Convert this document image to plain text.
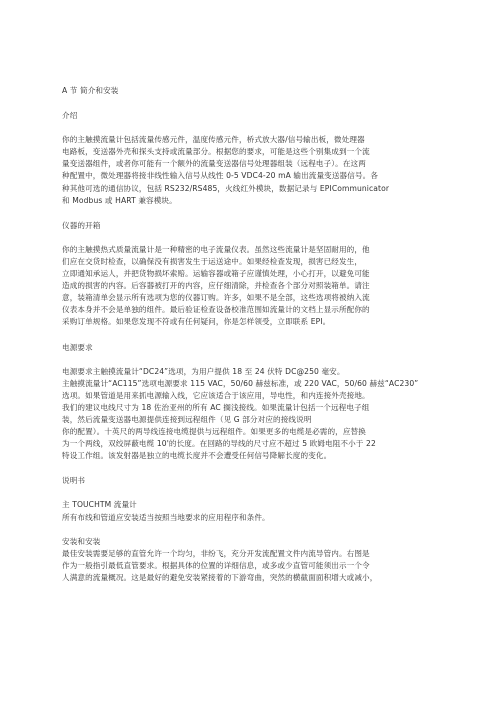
A 节 简介和安装

介绍

你的主触摸流量计包括流量传感元件，温度传感元件，桥式放大器/信号输出板，微处理器
电路板，变送器外壳和探头支持或流量部分。根据您的要求，可能是这些个别集成到一个流
量变送器组件，或者你可能有一个额外的流量变送器信号处理器组装（远程电子）。在这两
种配置中，微处理器将接非线性输入信号从线性 0-5 VDC4-20 mA 输出流量变送器信号。各
种其他可选的通信协议，包括 RS232/RS485，火线红外模块，数据记录与 EPICommunicator
和 Modbus 或 HART 兼容模块。

仪器的开箱

你的主触摸热式质量流量计是一种精密的电子流量仪表。虽然这些流量计是坚固耐用的，他
们应在交货时检查，以确保没有损害发生于运送途中。如果经检查发现，损害已经发生，
立即通知承运人，并把货物损坏索赔。运输容器或箱子应谨慎处理，小心打开，以避免可能
造成的损害的内容。后容器被打开的内容，应仔细清除，并检查各个部分对照装箱单。请注
意，装箱清单会显示所有选项为您的仪器订购。许多，如果不是全部，这些选项将被纳入流
仪表本身并不会是单独的组件。最后验证检查设备校准范围如流量计的文档上显示所配你的
采购订单规格。如果您发现不符或有任何疑问，你是怎样领受，立即联系 EPI。

电源要求

电源要求主触摸流量计“DC24”选项，为用户提供 18 至 24 伏特 DC@250 毫安。
主触摸流量计“AC115”选项电源要求 115 VAC，50/60 赫兹标准，或 220 VAC，50/60 赫兹“AC230”
选项。如果管道是用来抓电源输入线，它应该适合于该应用，导电性，和内连接外壳接地。
我们的建议电线尺寸为 18 佐治亚州的所有 AC 搁浅接线。如果流量计包括一个远程电子组
装，然后流量变送器电源提供连接到远程组件（见 G 部分对应的接线说明
你的配置）。十英尺的两导线连接电缆提供与远程组件。如果更多的电缆是必需的，应替换
为一个两线，双绞屏蔽电缆 10'的长度。在回路的导线的尺寸应不超过 5 欧姆电阻不小于 22
特设工作组。该发射器是独立的电缆长度并不会遭受任何信号降解长度的变化。

说明书

主 TOUCHTM 流量计
所有布线和管道应安装适当按照当地要求的应用程序和条件。

安装和安装

最佳安装需要足够的直管允许一个均匀，非纷飞，充分开发流配置文件内流导管内。右图是
作为一般指引最低直管要求。根据具体的位置的详细信息，或多或少直管可能须出示一个令
人满意的流量概况。这是最好的避免安装紧接着的下游弯曲，突然的横截面面积增大或减小，
